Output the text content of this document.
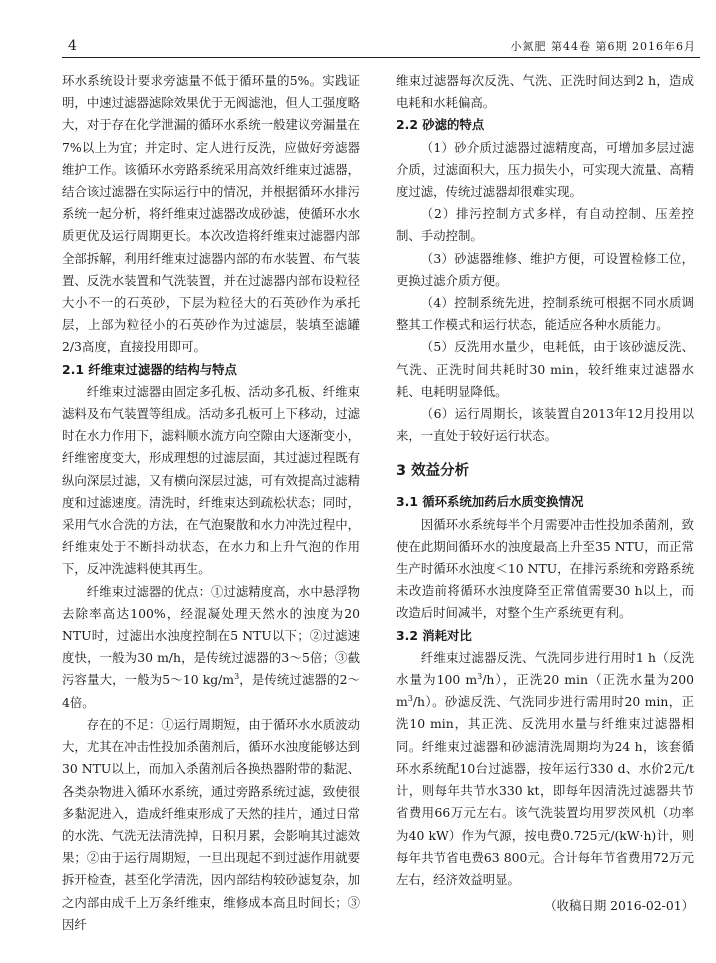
4	小氮肥 第44卷 第6期 2016年6月

环水系统设计要求旁滤量不低于循环量的5%。实践证明，中速过滤器滤除效果优于无阀滤池，但人工强度略大，对于存在化学泄漏的循环水系统一般建议旁漏量在7%以上为宜；并定时、定人进行反洗，应做好旁滤器维护工作。该循环水旁路系统采用高效纤维束过滤器，结合该过滤器在实际运行中的情况，并根据循环水排污系统一起分析，将纤维束过滤器改成砂滤，使循环水水质更优及运行周期更长。本次改造将纤维束过滤器内部全部拆解，利用纤维束过滤器内部的布水装置、布气装置、反洗水装置和气洗装置，并在过滤器内部布设粒径大小不一的石英砂，下层为粒径大的石英砂作为承托层，上部为粒径小的石英砂作为过滤层，装填至滤罐2/3高度，直接投用即可。

2.1 纤维束过滤器的结构与特点

纤维束过滤器由固定多孔板、活动多孔板、纤维束滤料及布气装置等组成。活动多孔板可上下移动，过滤时在水力作用下，滤料顺水流方向空隙由大逐渐变小，纤维密度变大，形成理想的过滤层面，其过滤过程既有纵向深层过滤，又有横向深层过滤，可有效提高过滤精度和过滤速度。清洗时，纤维束达到疏松状态；同时，采用气水合洗的方法，在气泡聚散和水力冲洗过程中，纤维束处于不断抖动状态，在水力和上升气泡的作用下，反冲洗滤料使其再生。

纤维束过滤器的优点：①过滤精度高，水中悬浮物去除率高达100%，经混凝处理天然水的浊度为20 NTU时，过滤出水浊度控制在5 NTU以下；②过滤速度快，一般为30 m/h，是传统过滤器的3～5倍；③截污容量大，一般为5～10 $kg/m^3$，是传统过滤器的2～4倍。

存在的不足：①运行周期短，由于循环水水质波动大，尤其在冲击性投加杀菌剂后，循环水浊度能够达到30 NTU以上，而加入杀菌剂后各换热器附带的黏泥、各类杂物进入循环水系统，通过旁路系统过滤，致使很多黏泥进入，造成纤维束形成了天然的挂片，通过日常的水洗、气洗无法清洗掉，日积月累，会影响其过滤效果；②由于运行周期短，一旦出现起不到过滤作用就要拆开检查，甚至化学清洗，因内部结构较砂滤复杂，加之内部由成千上万条纤维束，维修成本高且时间长；③因纤

维束过滤器每次反洗、气洗、正洗时间达到2 h，造成电耗和水耗偏高。

2.2 砂滤的特点

（1）砂介质过滤器过滤精度高，可增加多层过滤介质，过滤面积大，压力损失小，可实现大流量、高精度过滤，传统过滤器却很难实现。

（2）排污控制方式多样，有自动控制、压差控制、手动控制。

（3）砂滤器维修、维护方便，可设置检修工位，更换过滤介质方便。

（4）控制系统先进，控制系统可根据不同水质调整其工作模式和运行状态，能适应各种水质能力。

（5）反洗用水量少，电耗低，由于该砂滤反洗、气洗、正洗时间共耗时30 min，较纤维束过滤器水耗、电耗明显降低。

（6）运行周期长，该装置自2013年12月投用以来，一直处于较好运行状态。

3 效益分析
3.1 循环系统加药后水质变换情况

因循环水系统每半个月需要冲击性投加杀菌剂，致使在此期间循环水的浊度最高上升至35 NTU，而正常生产时循环水浊度＜10 NTU，在排污系统和旁路系统未改造前将循环水浊度降至正常值需要30 h以上，而改造后时间减半，对整个生产系统更有利。

3.2 消耗对比

纤维束过滤器反洗、气洗同步进行用时1 h（反洗水量为100 $m^3/h$），正洗20 min（正洗水量为200 $m^3/h$）。砂滤反洗、气洗同步进行需用时20 min，正洗10 min，其正洗、反洗用水量与纤维束过滤器相同。纤维束过滤器和砂滤清洗周期均为24 h，该套循环水系统配10台过滤器，按年运行330 d、水价2元/t计，则每年共节水330 kt，即每年因清洗过滤器共节省费用66万元左右。该气洗装置均用罗茨风机（功率为40 kW）作为气源，按电费0.725元/(kW·h)计，则每年共节省电费63 800元。合计每年节省费用72万元左右，经济效益明显。

（收稿日期 2016-02-01）
